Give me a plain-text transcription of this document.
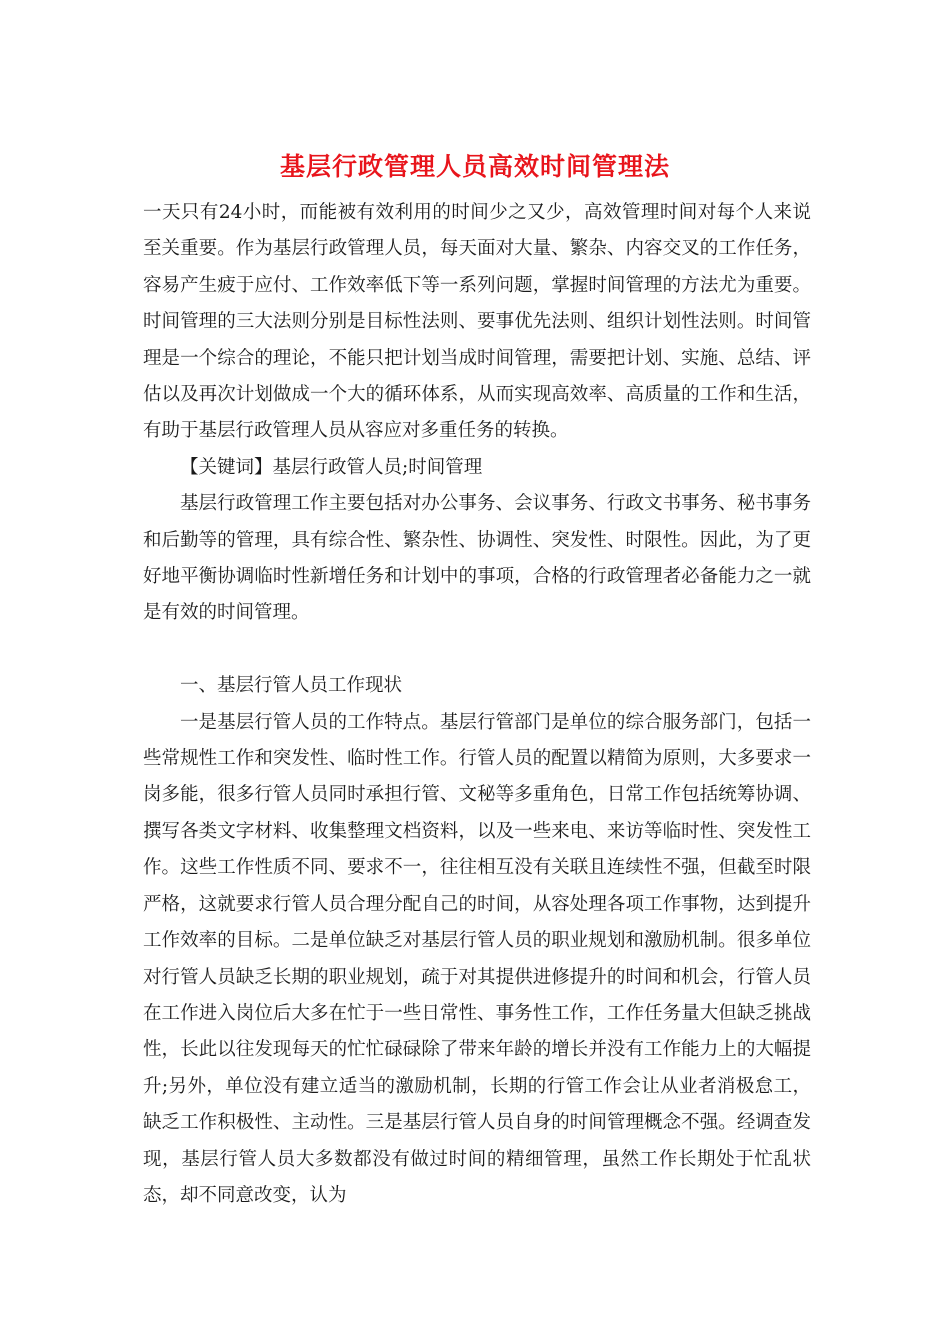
基层行政管理人员高效时间管理法

一天只有24小时，而能被有效利用的时间少之又少，高效管理时间对每个人来说至关重要。作为基层行政管理人员，每天面对大量、繁杂、内容交叉的工作任务，容易产生疲于应付、工作效率低下等一系列问题，掌握时间管理的方法尤为重要。时间管理的三大法则分别是目标性法则、要事优先法则、组织计划性法则。时间管理是一个综合的理论，不能只把计划当成时间管理，需要把计划、实施、总结、评估以及再次计划做成一个大的循环体系，从而实现高效率、高质量的工作和生活，有助于基层行政管理人员从容应对多重任务的转换。

【关键词】基层行政管人员;时间管理

基层行政管理工作主要包括对办公事务、会议事务、行政文书事务、秘书事务和后勤等的管理，具有综合性、繁杂性、协调性、突发性、时限性。因此，为了更好地平衡协调临时性新增任务和计划中的事项，合格的行政管理者必备能力之一就是有效的时间管理。

一、基层行管人员工作现状

一是基层行管人员的工作特点。基层行管部门是单位的综合服务部门，包括一些常规性工作和突发性、临时性工作。行管人员的配置以精简为原则，大多要求一岗多能，很多行管人员同时承担行管、文秘等多重角色，日常工作包括统筹协调、撰写各类文字材料、收集整理文档资料，以及一些来电、来访等临时性、突发性工作。这些工作性质不同、要求不一，往往相互没有关联且连续性不强，但截至时限严格，这就要求行管人员合理分配自己的时间，从容处理各项工作事物，达到提升工作效率的目标。二是单位缺乏对基层行管人员的职业规划和激励机制。很多单位对行管人员缺乏长期的职业规划，疏于对其提供进修提升的时间和机会，行管人员在工作进入岗位后大多在忙于一些日常性、事务性工作，工作任务量大但缺乏挑战性，长此以往发现每天的忙忙碌碌除了带来年龄的增长并没有工作能力上的大幅提升;另外，单位没有建立适当的激励机制，长期的行管工作会让从业者消极怠工，缺乏工作积极性、主动性。三是基层行管人员自身的时间管理概念不强。经调查发现，基层行管人员大多数都没有做过时间的精细管理，虽然工作长期处于忙乱状态，却不同意改变，认为
